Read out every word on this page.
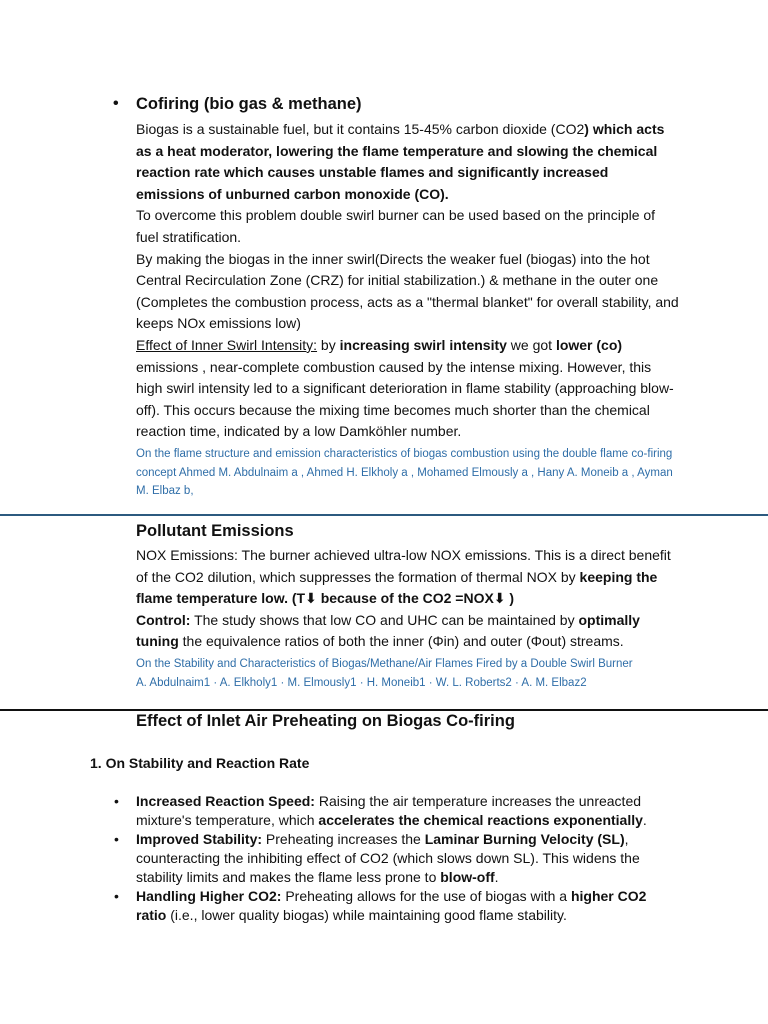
• Cofiring (bio gas & methane)

Biogas is a sustainable fuel, but it contains 15-45% carbon dioxide (CO2) which acts as a heat moderator, lowering the flame temperature and slowing the chemical reaction rate which causes unstable flames and significantly increased emissions of unburned carbon monoxide (CO).

To overcome this problem double swirl burner can be used based on the principle of fuel stratification.

By making the biogas in the inner swirl(Directs the weaker fuel (biogas) into the hot Central Recirculation Zone (CRZ) for initial stabilization.) & methane in the outer one (Completes the combustion process, acts as a "thermal blanket" for overall stability, and keeps NOx emissions low)

Effect of Inner Swirl Intensity: by increasing swirl intensity we got lower (co) emissions , near-complete combustion caused by the intense mixing. However, this high swirl intensity led to a significant deterioration in flame stability (approaching blow-off). This occurs because the mixing time becomes much shorter than the chemical reaction time, indicated by a low Damköhler number.

On the flame structure and emission characteristics of biogas combustion using the double flame co-firing concept Ahmed M. Abdulnaim a , Ahmed H. Elkholy a , Mohamed Elmously a , Hany A. Moneib a , Ayman M. Elbaz b,

Pollutant Emissions

NOX Emissions: The burner achieved ultra-low NOX emissions. This is a direct benefit of the CO2 dilution, which suppresses the formation of thermal NOX by keeping the flame temperature low. (T⬇ because of the CO2 =NOX⬇ )

Control: The study shows that low CO and UHC can be maintained by optimally tuning the equivalence ratios of both the inner (Φin) and outer (Φout) streams.

On the Stability and Characteristics of Biogas/Methane/Air Flames Fired by a Double Swirl Burner

A. Abdulnaim1 · A. Elkholy1 · M. Elmously1 · H. Moneib1 · W. L. Roberts2 · A. M. Elbaz2

Effect of Inlet Air Preheating on Biogas Co-firing

1. On Stability and Reaction Rate

• Increased Reaction Speed: Raising the air temperature increases the unreacted mixture's temperature, which accelerates the chemical reactions exponentially.
• Improved Stability: Preheating increases the Laminar Burning Velocity (SL), counteracting the inhibiting effect of CO2 (which slows down SL). This widens the stability limits and makes the flame less prone to blow-off.
• Handling Higher CO2: Preheating allows for the use of biogas with a higher CO2 ratio (i.e., lower quality biogas) while maintaining good flame stability.
